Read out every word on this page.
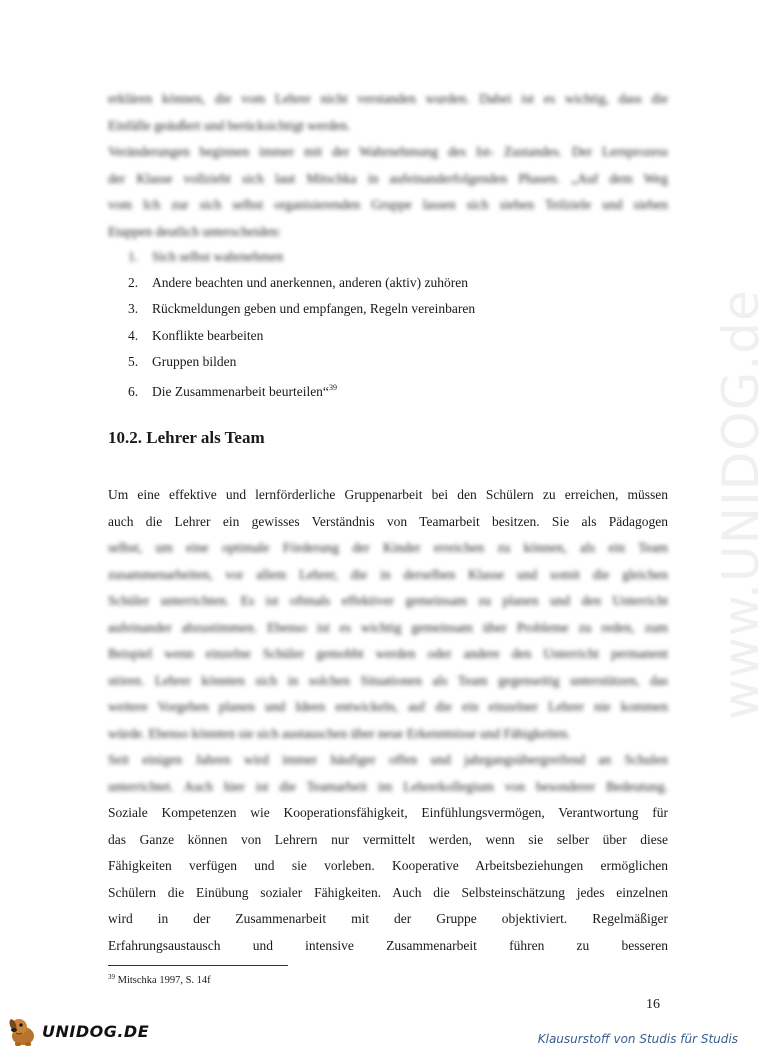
www.UNIDOG.de
erklären können, die vom Lehrer nicht verstanden wurden. Dabei ist es wichtig, dass die
Einfälle geäußert und berücksichtigt werden.
Veränderungen beginnen immer mit der Wahrnehmung des Ist- Zustandes. Der Lernprozess
der Klasse vollzieht sich laut Mitschka in aufeinanderfolgenden Phasen. „Auf dem Weg
vom Ich zur sich selbst organisierenden Gruppe lassen sich sieben Teilziele und sieben
Etappen deutlich unterscheiden:
1. Sich selbst wahrnehmen
2. Andere beachten und anerkennen, anderen (aktiv) zuhören
3. Rückmeldungen geben und empfangen, Regeln vereinbaren
4. Konflikte bearbeiten
5. Gruppen bilden
6. Die Zusammenarbeit beurteilen“$^{39}$
10.2. Lehrer als Team
Um eine effektive und lernförderliche Gruppenarbeit bei den Schülern zu erreichen, müssen
auch die Lehrer ein gewisses Verständnis von Teamarbeit besitzen. Sie als Pädagogen
selbst, um eine optimale Förderung der Kinder erreichen zu können, als ein Team
zusammenarbeiten, vor allem Lehrer, die in derselben Klasse und somit die gleichen
Schüler unterrichten. Es ist oftmals effektiver gemeinsam zu planen und den Unterricht
aufeinander abzustimmen. Ebenso ist es wichtig gemeinsam über Probleme zu reden, zum
Beispiel wenn einzelne Schüler gemobbt werden oder andere den Unterricht permanent
stören. Lehrer könnten sich in solchen Situationen als Team gegenseitig unterstützen, das
weitere Vorgehen planen und Ideen entwickeln, auf die ein einzelner Lehrer nie kommen
würde. Ebenso könnten sie sich austauschen über neue Erkenntnisse und Fähigkeiten.
Seit einigen Jahren wird immer häufiger offen und jahrgangsübergreifend an Schulen
unterrichtet. Auch hier ist die Teamarbeit im Lehrerkollegium von besonderer Bedeutung.
Soziale Kompetenzen wie Kooperationsfähigkeit, Einfühlungsvermögen, Verantwortung für
das Ganze können von Lehrern nur vermittelt werden, wenn sie selber über diese
Fähigkeiten verfügen und sie vorleben. Kooperative Arbeitsbeziehungen ermöglichen
Schülern die Einübung sozialer Fähigkeiten. Auch die Selbsteinschätzung jedes einzelnen
wird in der Zusammenarbeit mit der Gruppe objektiviert. Regelmäßiger
Erfahrungsaustausch und intensive Zusammenarbeit führen zu besseren
$^{39}$ Mitschka 1997, S. 14f
16
UNIDOG.DE	Klausurstoff von Studis für Studis
